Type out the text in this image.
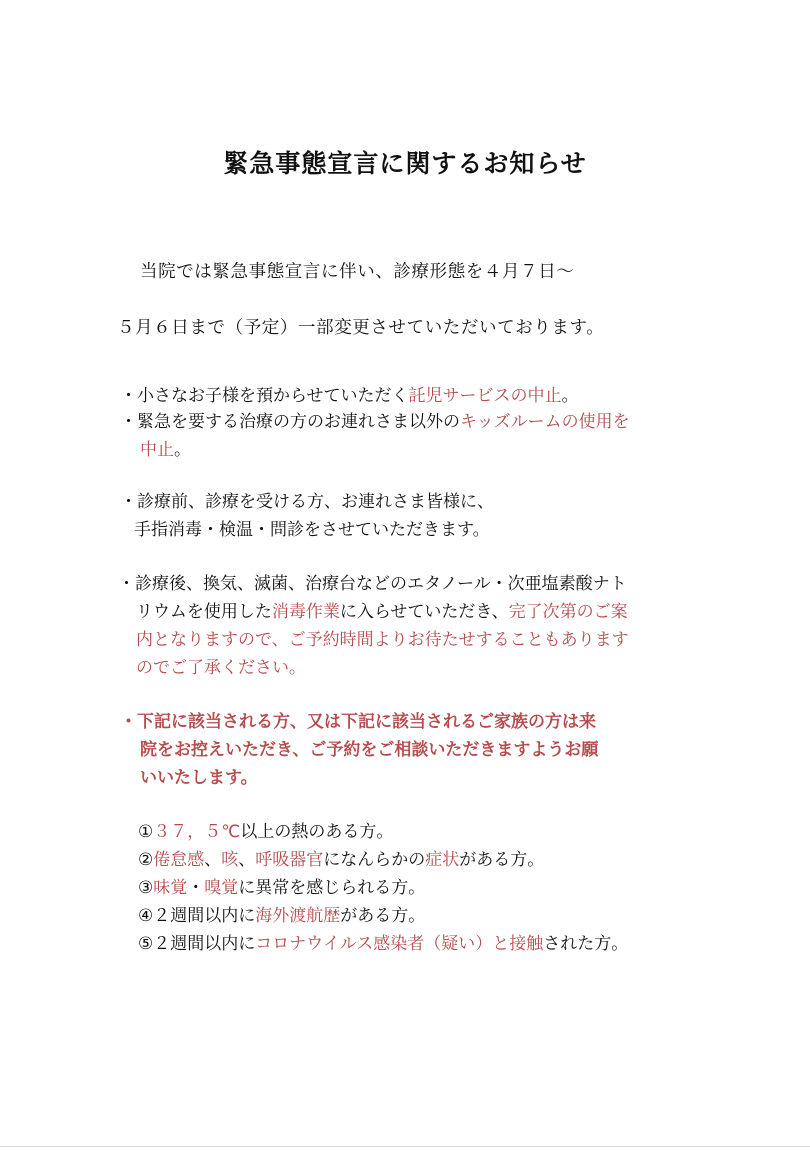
緊急事態宣言に関するお知らせ
当院では緊急事態宣言に伴い、診療形態を４月７日〜
５月６日まで（予定）一部変更させていただいております。
・小さなお子様を預からせていただく託児サービスの中止。
・緊急を要する治療の方のお連れさま以外のキッズルームの使用を
中止。
・診療前、診療を受ける方、お連れさま皆様に、
手指消毒・検温・問診をさせていただきます。
・診療後、換気、滅菌、治療台などのエタノール・次亜塩素酸ナト
リウムを使用した消毒作業に入らせていただき、完了次第のご案
内となりますので、ご予約時間よりお待たせすることもあります
のでご了承ください。
・下記に該当される方、又は下記に該当されるご家族の方は来
院をお控えいただき、ご予約をご相談いただきますようお願
いいたします。
①３７，５℃以上の熱のある方。
②倦怠感、咳、呼吸器官になんらかの症状がある方。
③味覚・嗅覚に異常を感じられる方。
④２週間以内に海外渡航歴がある方。
⑤２週間以内にコロナウイルス感染者（疑い）と接触された方。
